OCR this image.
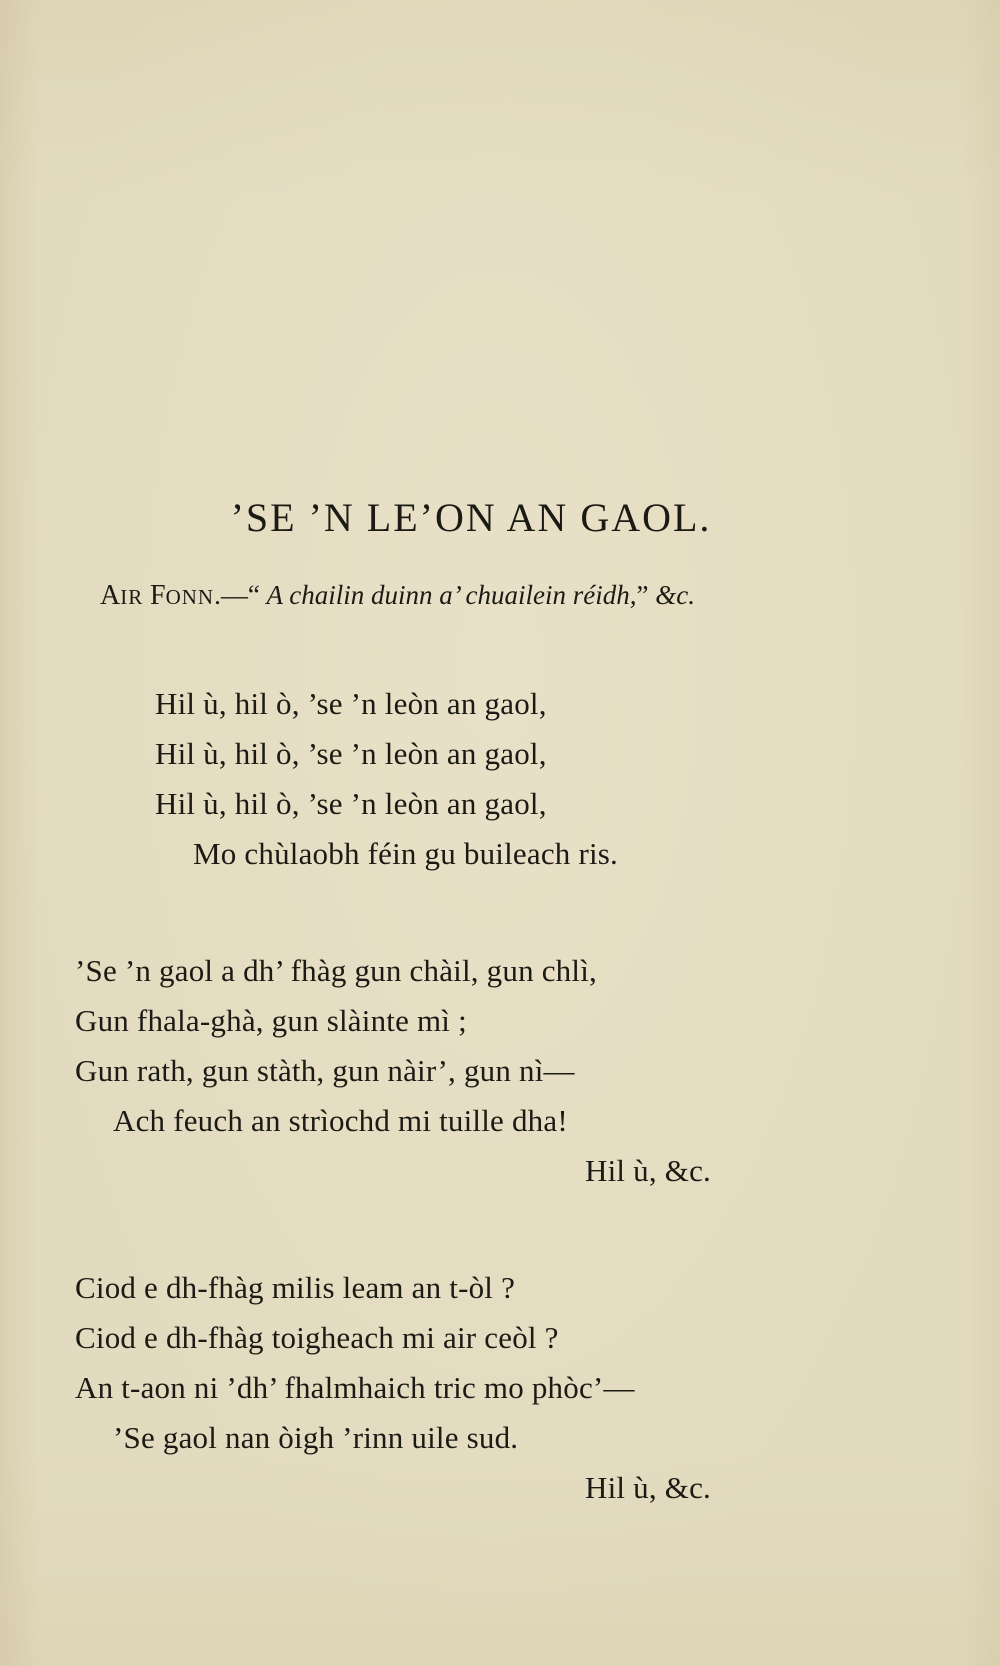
’SE ’N LE’ON AN GAOL.
AIR FONN.—“ A chailin duinn a’ chuailein réidh,” &c.
Hil ù, hil ò, ’se ’n leòn an gaol,
Hil ù, hil ò, ’se ’n leòn an gaol,
Hil ù, hil ò, ’se ’n leòn an gaol,
Mo chùlaobh féin gu buileach ris.
’Se ’n gaol a dh’ fhàg gun chàil, gun chlì,
Gun fhala-ghà, gun slàinte mì ;
Gun rath, gun stàth, gun nàir’, gun nì—
Ach feuch an strìochd mi tuille dha!
Hil ù, &c.
Ciod e dh-fhàg milis leam an t-òl ?
Ciod e dh-fhàg toigheach mi air ceòl ?
An t-aon ni ’dh’ fhalmhaich tric mo phòc’—
’Se gaol nan òigh ’rinn uile sud.
Hil ù, &c.
